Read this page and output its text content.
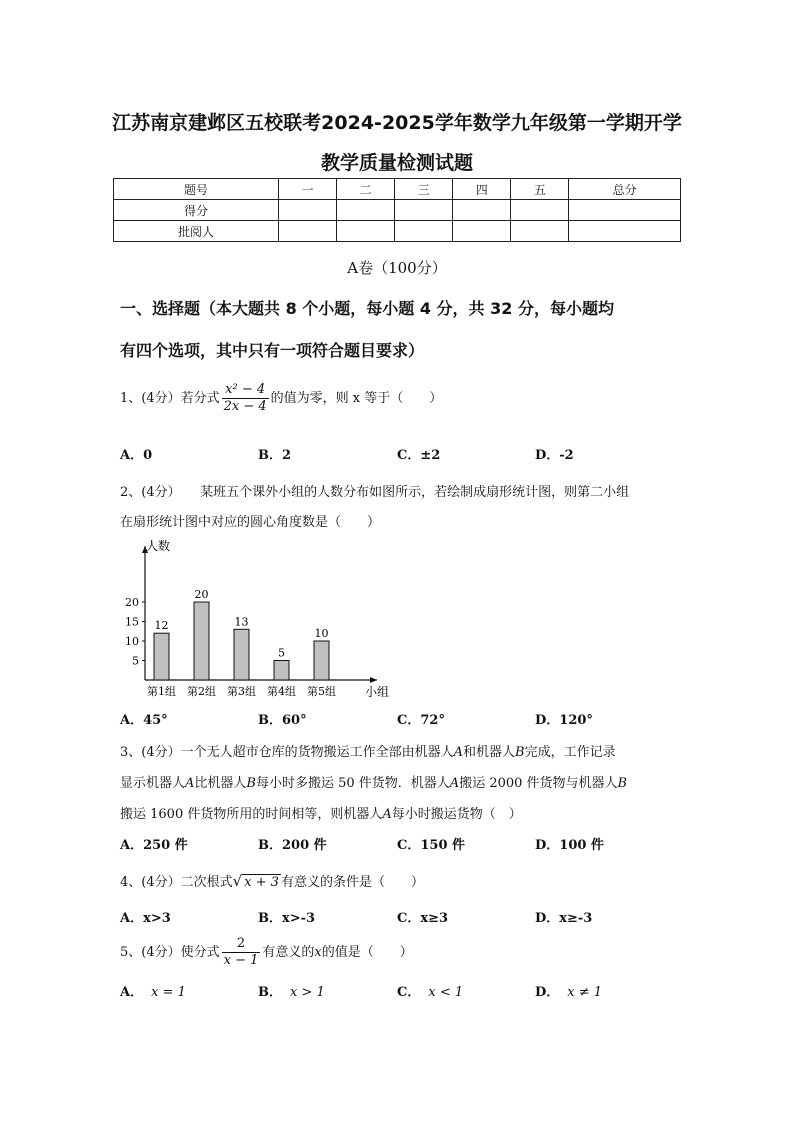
江苏南京建邺区五校联考2024-2025学年数学九年级第一学期开学
教学质量检测试题
题号	一	二	三	四	五	总分
得分						
批阅人						
A卷（100分）
一、选择题（本大题共 8 个小题，每小题 4 分，共 32 分，每小题均
有四个选项，其中只有一项符合题目要求）
1、(4分）若分式 $\frac{\text{x² − 4}}{2x - 4}$ 的值为零，则 x 等于（　　）
A．0	B．2	C．±2	D．-2
2、(4分）　　某班五个课外小组的人数分布如图所示，若绘制成扇形统计图，则第二小组
在扇形统计图中对应的圆心角度数是（　　）
人数
小组
5
10
15
20
12
第1组
20
第2组
13
第3组
5
第4组
10
第5组
A．45°	B．60°	C．72°	D．120°
3、(4分）一个无人超市仓库的货物搬运工作全部由机器人A和机器人B完成，工作记录
显示机器人A比机器人B每小时多搬运 50 件货物．机器人A搬运 2000 件货物与机器人B
搬运 1600 件货物所用的时间相等，则机器人A每小时搬运货物（　）
A．250 件	B．200 件	C．150 件	D．100 件
4、(4分）二次根式√ x + 3 有意义的条件是（　　）
A．x>3	B．x>-3	C．x≥3	D．x≥-3
5、(4分）使分式 $\frac{2}{x - 1}$ 有意义的x的值是（　　）
A． x = 1	B． x > 1	C． x < 1	D． x ≠ 1
